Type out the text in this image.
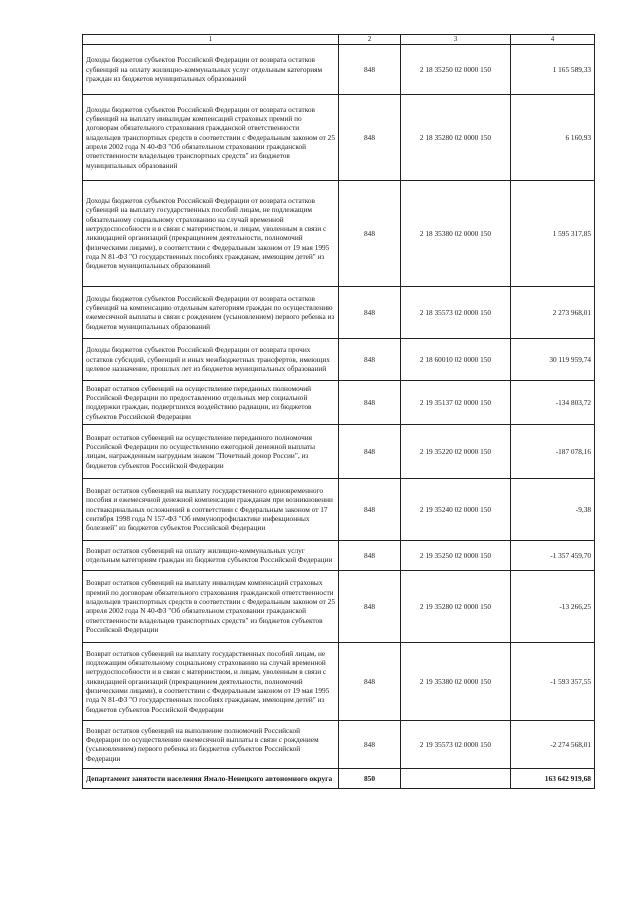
1	2	3	4
Доходы бюджетов субъектов Российской Федерации от возврата остатков субвенций на оплату жилищно-коммунальных услуг отдельным категориям граждан из бюджетов муниципальных образований	848	2 18 35250 02 0000 150	1 165 589,33
Доходы бюджетов субъектов Российской Федерации от возврата остатков субвенций на выплату инвалидам компенсаций страховых премий по договорам обязательного страхования гражданской ответственности владельцев транспортных средств в соответствии с Федеральным законом от 25 апреля 2002 года N 40-ФЗ "Об обязательном страховании гражданской ответственности владельцев транспортных средств" из бюджетов муниципальных образований	848	2 18 35280 02 0000 150	6 160,93
Доходы бюджетов субъектов Российской Федерации от возврата остатков субвенций на выплату государственных пособий лицам, не подлежащим обязательному социальному страхованию на случай временной нетрудоспособности и в связи с материнством, и лицам, уволенным в связи с ликвидацией организаций (прекращением деятельности, полномочий физическими лицами), в соответствии с Федеральным законом от 19 мая 1995 года N 81-ФЗ "О государственных пособиях гражданам, имеющим детей" из бюджетов муниципальных образований	848	2 18 35380 02 0000 150	1 595 317,85
Доходы бюджетов субъектов Российской Федерации от возврата остатков субвенций на компенсацию отдельным категориям граждан по осуществлению ежемесячной выплаты в связи с рождением (усыновлением) первого ребенка из бюджетов муниципальных образований	848	2 18 35573 02 0000 150	2 273 968,01
Доходы бюджетов субъектов Российской Федерации от возврата прочих остатков субсидий, субвенций и иных межбюджетных трансфертов, имеющих целевое назначение, прошлых лет из бюджетов муниципальных образований	848	2 18 60010 02 0000 150	30 119 959,74
Возврат остатков субвенций на осуществление переданных полномочий Российской Федерации по предоставлению отдельных мер социальной поддержки граждан, подвергшихся воздействию радиации, из бюджетов субъектов Российской Федерации	848	2 19 35137 02 0000 150	-134 803,72
Возврат остатков субвенций на осуществление переданного полномочия Российской Федерации по осуществлению ежегодной денежной выплаты лицам, награжденным нагрудным знаком "Почетный донор России", из бюджетов субъектов Российской Федерации	848	2 19 35220 02 0000 150	-187 078,16
Возврат остатков субвенций на выплату государственного единовременного пособия и ежемесячной денежной компенсации гражданам при возникновении поствакцинальных осложнений в соответствии с Федеральным законом от 17 сентября 1998 года N 157-ФЗ "Об иммунопрофилактике инфекционных болезней" из бюджетов субъектов Российской Федерации	848	2 19 35240 02 0000 150	-9,38
Возврат остатков субвенций на оплату жилищно-коммунальных услуг отдельным категориям граждан из бюджетов субъектов Российской Федерации	848	2 19 35250 02 0000 150	-1 357 459,70
Возврат остатков субвенций на выплату инвалидам компенсаций страховых премий по договорам обязательного страхования гражданской ответственности владельцев транспортных средств в соответствии с Федеральным законом от 25 апреля 2002 года N 40-ФЗ "Об обязательном страховании гражданской ответственности владельцев транспортных средств" из бюджетов субъектов Российской Федерации	848	2 19 35280 02 0000 150	-13 266,25
Возврат остатков субвенций на выплату государственных пособий лицам, не подлежащим обязательному социальному страхованию на случай временной нетрудоспособности и в связи с материнством, и лицам, уволенным в связи с ликвидацией организаций (прекращением деятельности, полномочий физическими лицами), в соответствии с Федеральным законом от 19 мая 1995 года N 81-ФЗ "О государственных пособиях гражданам, имеющим детей" из бюджетов субъектов Российской Федерации	848	2 19 35380 02 0000 150	-1 593 357,55
Возврат остатков субвенций на выполнение полномочий Российской Федерации по осуществлению ежемесячной выплаты в связи с рождением (усыновлением) первого ребенка из бюджетов субъектов Российской Федерации	848	2 19 35573 02 0000 150	-2 274 568,01
Департамент занятости населения Ямало-Ненецкого автономного округа	850		163 642 919,68
